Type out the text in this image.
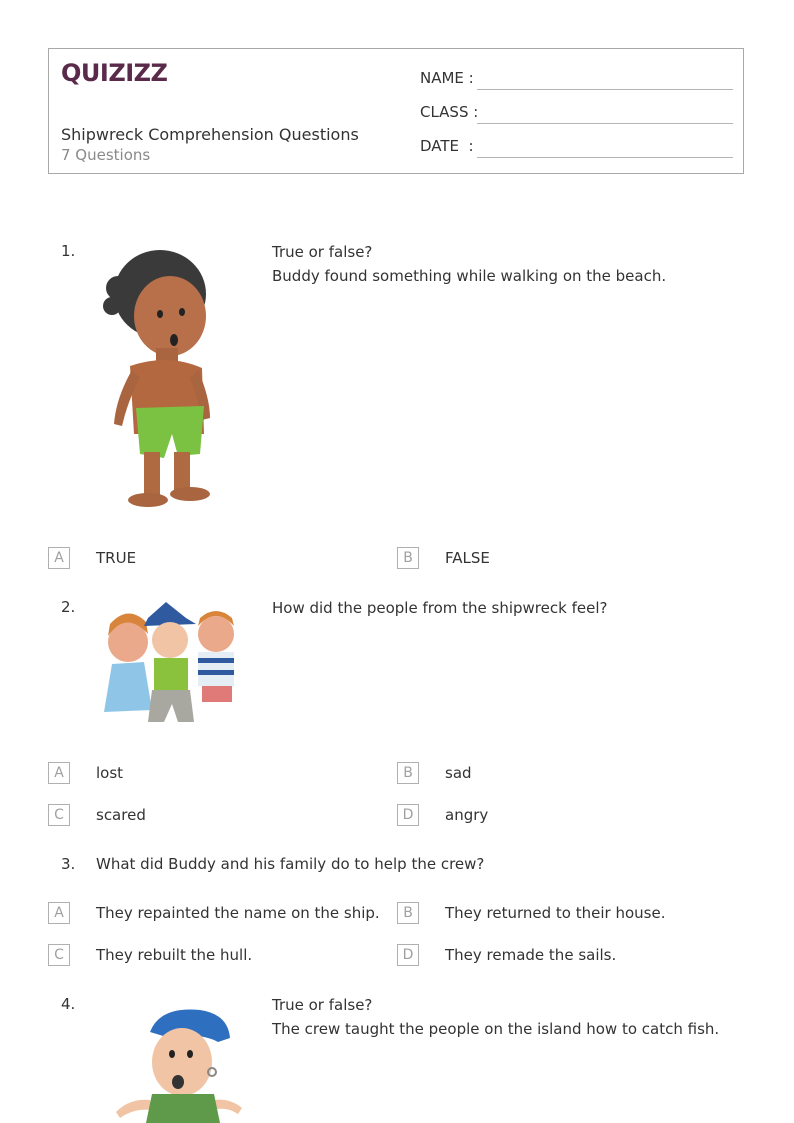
QUIZIZZ
Shipwreck Comprehension Questions
7 Questions
NAME :
CLASS :
DATE  :
1.	True or false?
Buddy found something while walking on the beach.
A	TRUE	B	FALSE
2.	How did the people from the shipwreck feel?
A	lost	B	sad
C	scared	D	angry
3. What did Buddy and his family do to help the crew?
A	They repainted the name on the ship.	B	They returned to their house.
C	They rebuilt the hull.	D	They remade the sails.
4.	True or false?
The crew taught the people on the island how to catch fish.
